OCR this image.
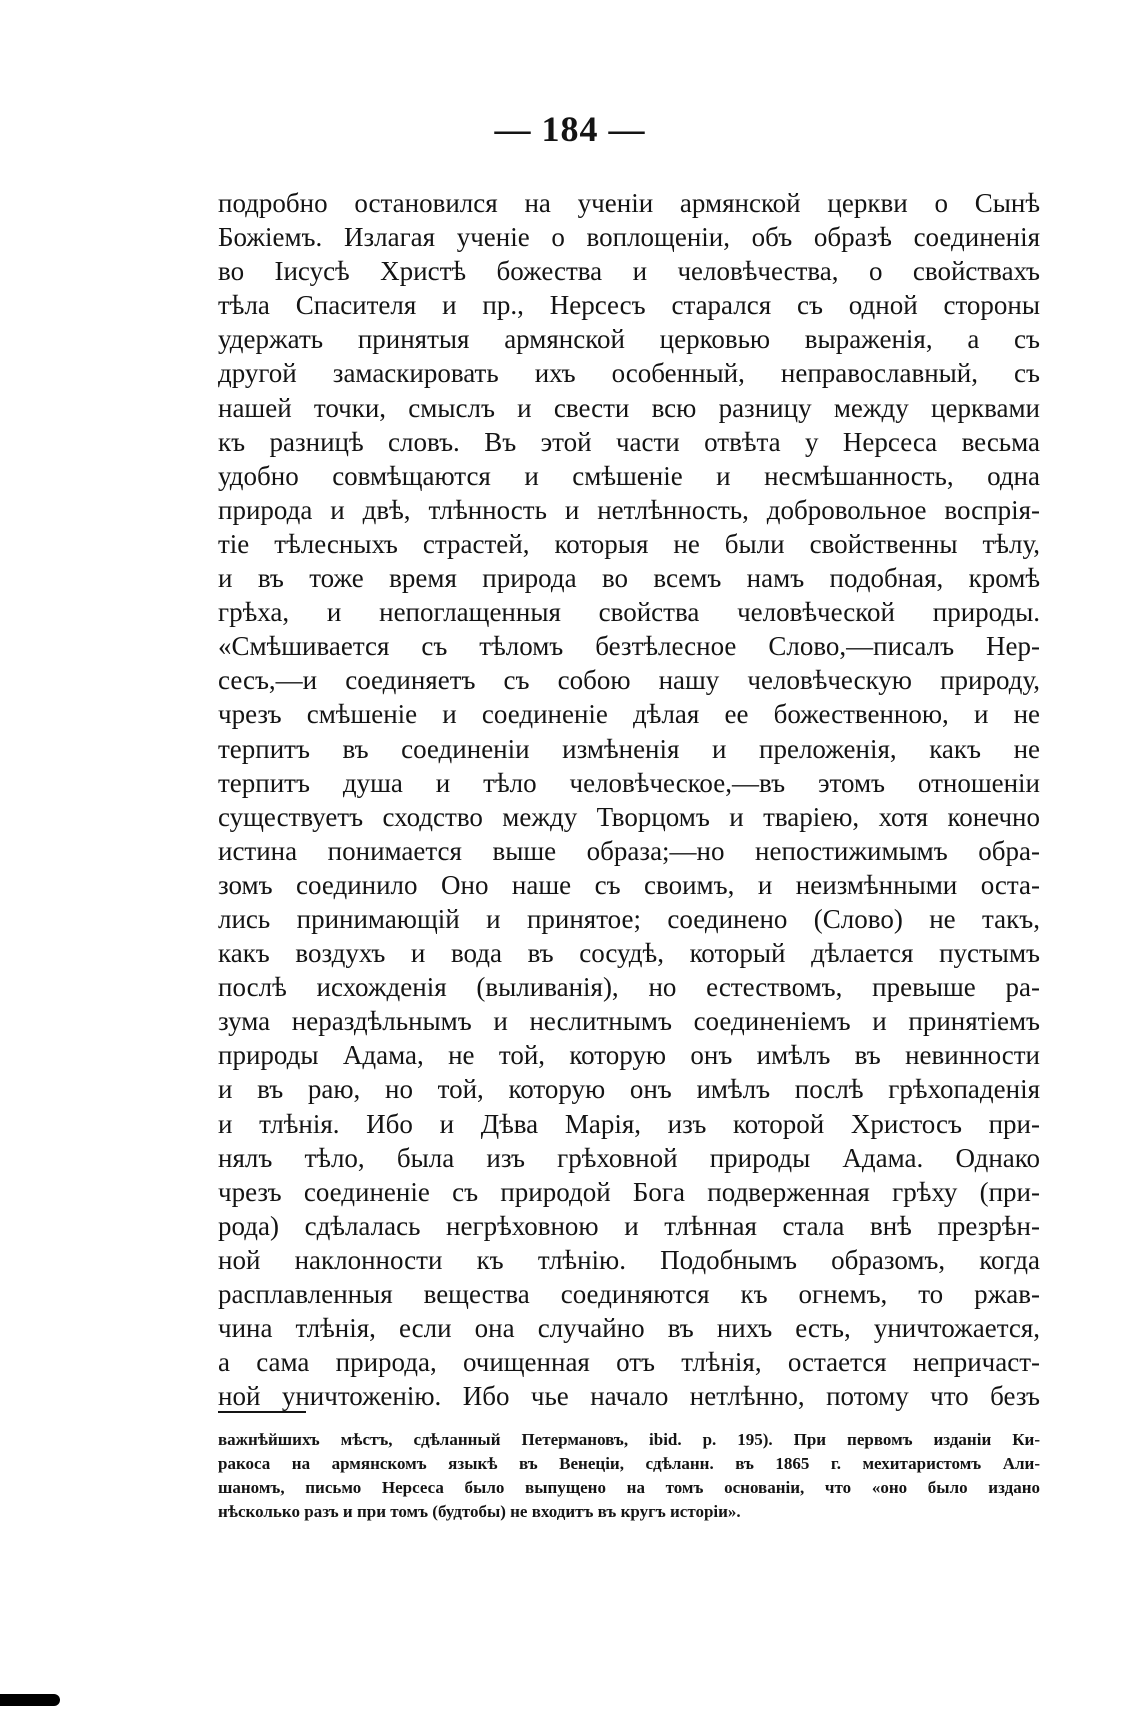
— 184 —
подробно остановился на ученіи армянской церкви о Сынѣ
Божіемъ. Излагая ученіе о воплощеніи, объ образѣ соединенія
во Іисусѣ Христѣ божества и человѣчества, о свойствахъ
тѣла Спасителя и пр., Нерсесъ старался съ одной стороны
удержать принятыя армянской церковью выраженія, а съ
другой замаскировать ихъ особенный, неправославный, съ
нашей точки, смыслъ и свести всю разницу между церквами
къ разницѣ словъ. Въ этой части отвѣта у Нерсеса весьма
удобно совмѣщаются и смѣшеніе и несмѣшанность, одна
природа и двѣ, тлѣнность и нетлѣнность, добровольное воспрія-
тіе тѣлесныхъ страстей, которыя не были свойственны тѣлу,
и въ тоже время природа во всемъ намъ подобная, кромѣ
грѣха, и непоглащенныя свойства человѣческой природы.
«Смѣшивается съ тѣломъ безтѣлесное Слово,—писалъ Нер-
сесъ,—и соединяетъ съ собою нашу человѣческую природу,
чрезъ смѣшеніе и соединеніе дѣлая ее божественною, и не
терпитъ въ соединеніи измѣненія и преложенія, какъ не
терпитъ душа и тѣло человѣческое,—въ этомъ отношеніи
существуетъ сходство между Творцомъ и тваріею, хотя конечно
истина понимается выше образа;—но непостижимымъ обра-
зомъ соединило Оно наше съ своимъ, и неизмѣнными оста-
лись принимающій и принятое; соединено (Слово) не такъ,
какъ воздухъ и вода въ сосудѣ, который дѣлается пустымъ
послѣ исхожденія (выливанія), но естествомъ, превыше ра-
зума нераздѣльнымъ и неслитнымъ соединеніемъ и принятіемъ
природы Адама, не той, которую онъ имѣлъ въ невинности
и въ раю, но той, которую онъ имѣлъ послѣ грѣхопаденія
и тлѣнія. Ибо и Дѣва Марія, изъ которой Христосъ при-
нялъ тѣло, была изъ грѣховной природы Адама. Однако
чрезъ соединеніе съ природой Бога подверженная грѣху (при-
рода) сдѣлалась негрѣховною и тлѣнная стала внѣ презрѣн-
ной наклонности къ тлѣнію. Подобнымъ образомъ, когда
расплавленныя вещества соединяются къ огнемъ, то ржав-
чина тлѣнія, если она случайно въ нихъ есть, уничтожается,
а сама природа, очищенная отъ тлѣнія, остается непричаст-
ной уничтоженію. Ибо чье начало нетлѣнно, потому что безъ
важнѣйшихъ мѣстъ, сдѣланный Петермановъ, ibid. p. 195). При первомъ изданіи Ки-
ракоса на армянскомъ языкѣ въ Венеціи, сдѣланн. въ 1865 г. мехитаристомъ Али-
шаномъ, письмо Нерсеса было выпущено на томъ основаніи, что «оно было издано
нѣсколько разъ и при томъ (будтобы) не входитъ въ кругъ исторіи».
